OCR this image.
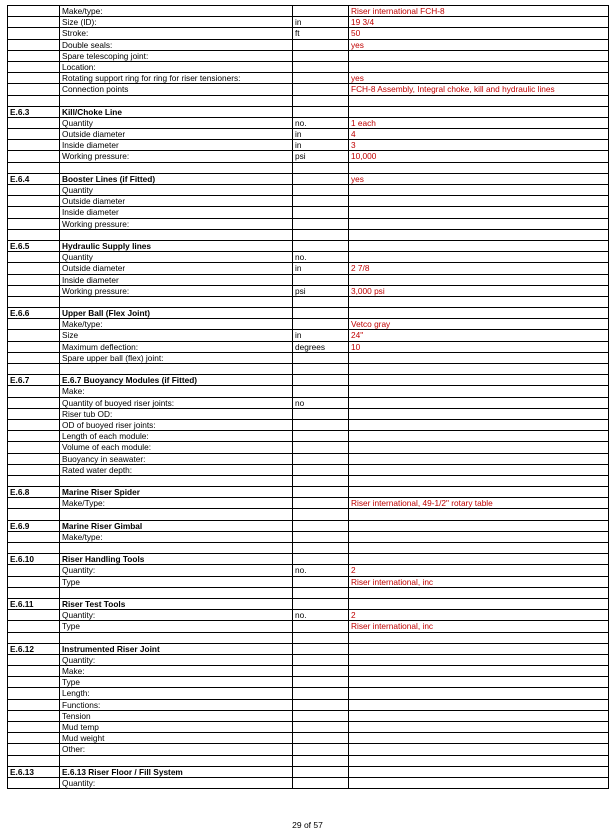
	Make/type:		Riser international FCH-8
	Size (ID):	in	19 3/4
	Stroke:	ft	50
	Double seals:		yes
	Spare telescoping joint:		
	Location:		
	Rotating support ring for ring for riser tensioners:		yes
	Connection points		FCH-8 Assembly, Integral choke, kill and hydraulic lines

E.6.3	Kill/Choke Line		
	Quantity	no.	1 each
	Outside diameter	in	4
	Inside diameter	in	3
	Working pressure:	psi	10,000

E.6.4	Booster Lines (if Fitted)		yes
	Quantity		
	Outside diameter		
	Inside diameter		
	Working pressure:		

E.6.5	Hydraulic Supply lines		
	Quantity	no.	
	Outside diameter	in	2 7/8
	Inside diameter		
	Working pressure:	psi	3,000 psi

E.6.6	Upper Ball (Flex Joint)		
	Make/type:		Vetco gray
	Size	in	24"
	Maximum deflection:	degrees	10
	Spare upper ball (flex) joint:		

E.6.7	E.6.7 Buoyancy Modules (if Fitted)		
	Make:		
	Quantity of buoyed riser joints:	no	
	Riser tub OD:		
	OD of buoyed riser joints:		
	Length of each module:		
	Volume of each module:		
	Buoyancy in seawater:		
	Rated water depth:		

E.6.8	Marine Riser Spider		
	Make/Type:		Riser international, 49-1/2" rotary table

E.6.9	Marine Riser Gimbal		
	Make/type:		

E.6.10	Riser Handling Tools		
	Quantity:	no.	2
	Type		Riser international, inc

E.6.11	Riser Test Tools		
	Quantity:	no.	2
	Type		Riser international, inc

E.6.12	Instrumented Riser Joint		
	Quantity:		
	Make:		
	Type		
	Length:		
	Functions:		
	Tension		
	Mud temp		
	Mud weight		
	Other:		

E.6.13	E.6.13 Riser Floor / Fill System		
	Quantity:		
29 of 57
